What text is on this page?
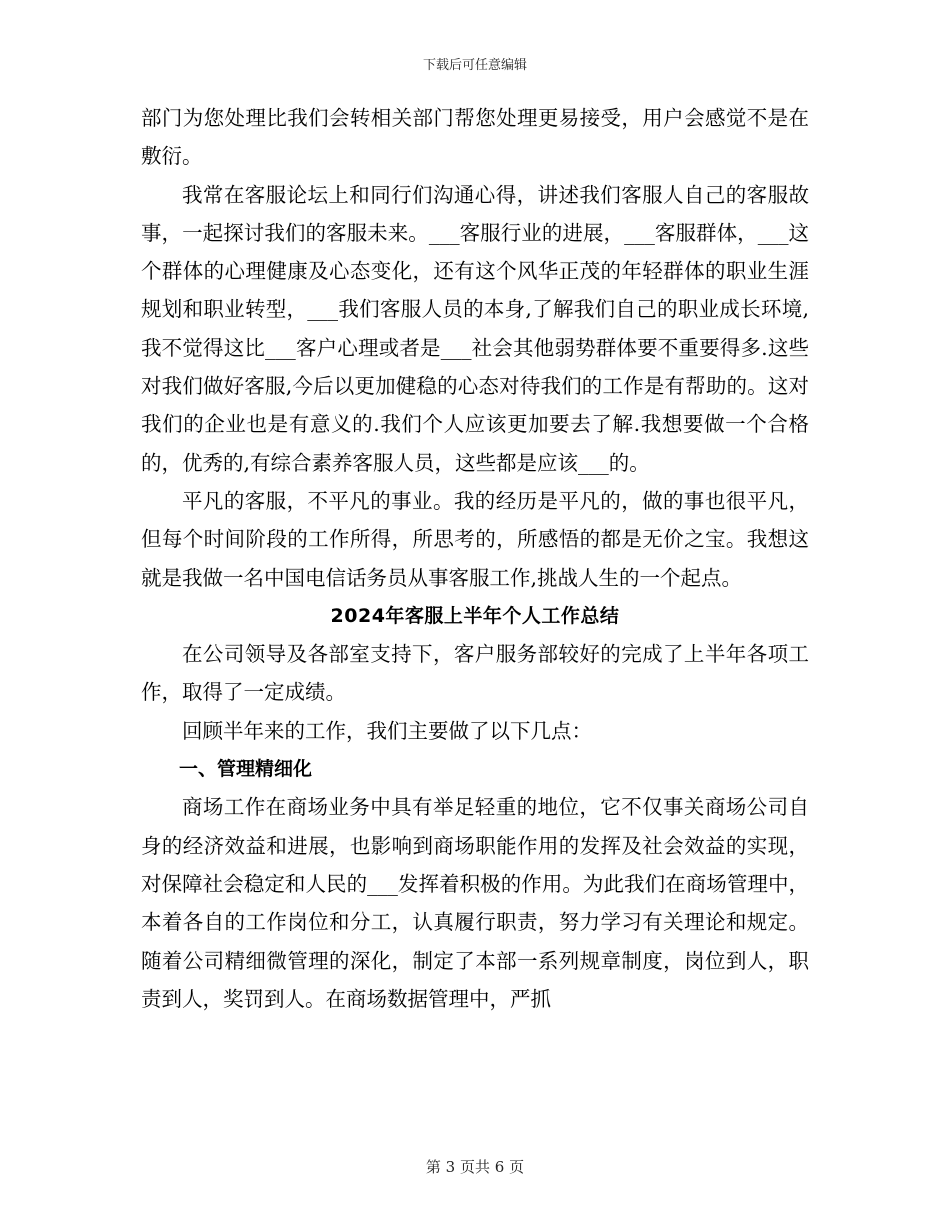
下载后可任意编辑

部门为您处理比我们会转相关部门帮您处理更易接受，用户会感觉不是在敷衍。

我常在客服论坛上和同行们沟通心得，讲述我们客服人自己的客服故事，一起探讨我们的客服未来。___客服行业的进展，___客服群体，___这个群体的心理健康及心态变化，还有这个风华正茂的年轻群体的职业生涯规划和职业转型，___我们客服人员的本身,了解我们自己的职业成长环境,我不觉得这比___客户心理或者是___社会其他弱势群体要不重要得多.这些对我们做好客服,今后以更加健稳的心态对待我们的工作是有帮助的。这对我们的企业也是有意义的.我们个人应该更加要去了解.我想要做一个合格的，优秀的,有综合素养客服人员，这些都是应该___的。

平凡的客服，不平凡的事业。我的经历是平凡的，做的事也很平凡，但每个时间阶段的工作所得，所思考的，所感悟的都是无价之宝。我想这就是我做一名中国电信话务员从事客服工作,挑战人生的一个起点。

2024年客服上半年个人工作总结

在公司领导及各部室支持下，客户服务部较好的完成了上半年各项工作，取得了一定成绩。

回顾半年来的工作，我们主要做了以下几点：

一、管理精细化

商场工作在商场业务中具有举足轻重的地位，它不仅事关商场公司自身的经济效益和进展，也影响到商场职能作用的发挥及社会效益的实现，对保障社会稳定和人民的___发挥着积极的作用。为此我们在商场管理中，本着各自的工作岗位和分工，认真履行职责，努力学习有关理论和规定。随着公司精细微管理的深化，制定了本部一系列规章制度，岗位到人，职责到人，奖罚到人。在商场数据管理中，严抓

第 3 页共 6 页
